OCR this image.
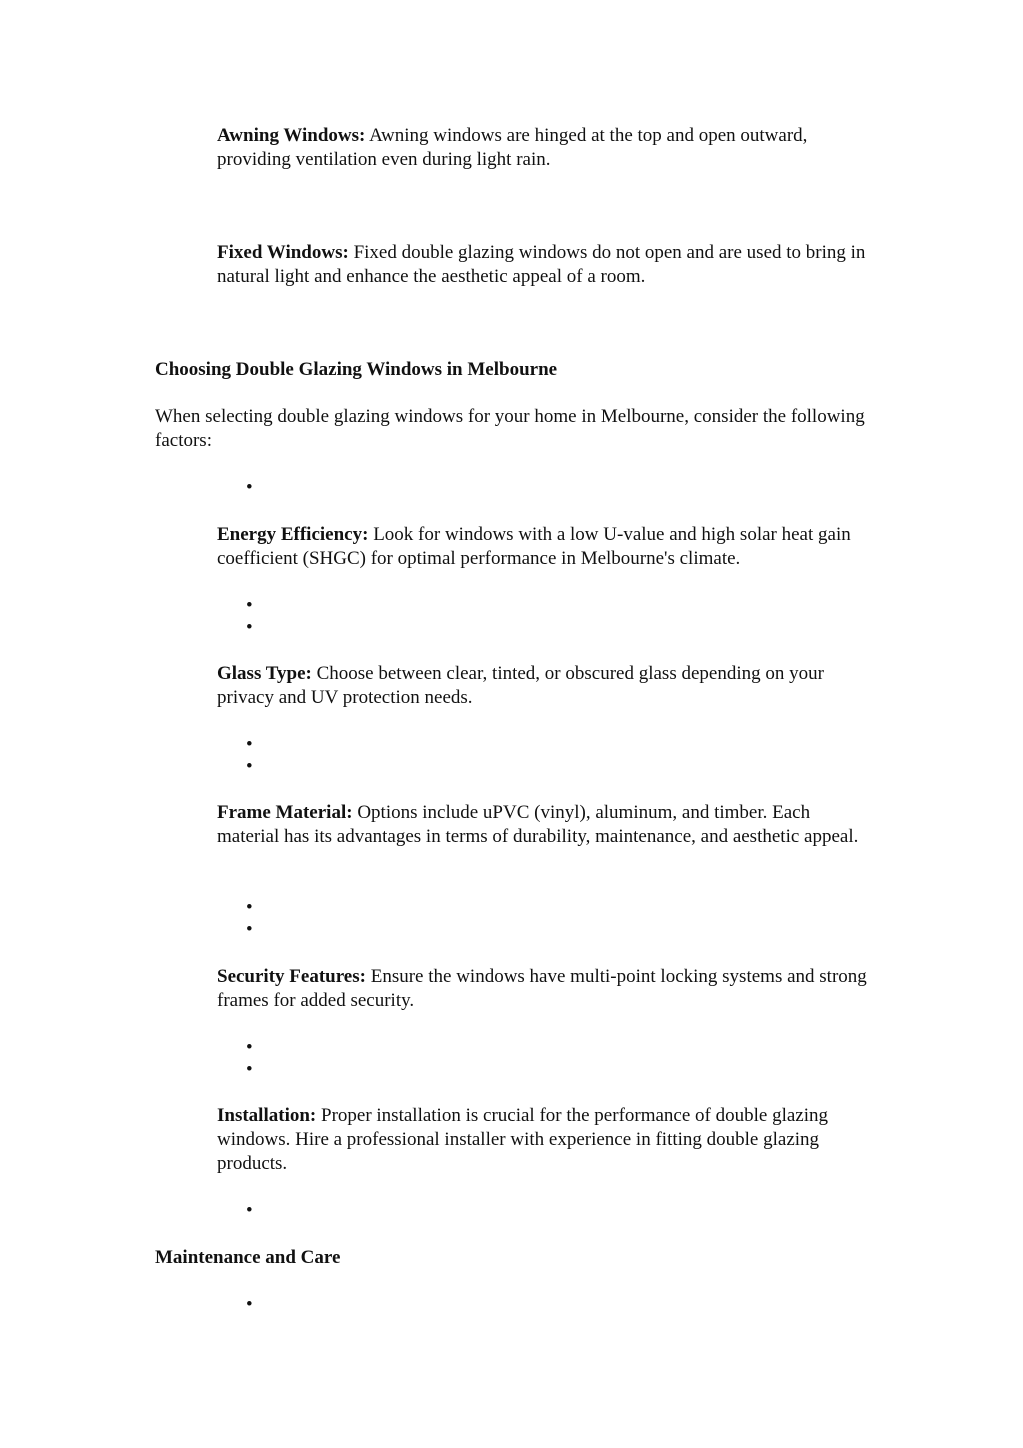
Awning Windows: Awning windows are hinged at the top and open outward, providing ventilation even during light rain.

Fixed Windows: Fixed double glazing windows do not open and are used to bring in natural light and enhance the aesthetic appeal of a room.

Choosing Double Glazing Windows in Melbourne

When selecting double glazing windows for your home in Melbourne, consider the following factors:

•

Energy Efficiency: Look for windows with a low U-value and high solar heat gain coefficient (SHGC) for optimal performance in Melbourne's climate.

•
•

Glass Type: Choose between clear, tinted, or obscured glass depending on your privacy and UV protection needs.

•
•

Frame Material: Options include uPVC (vinyl), aluminum, and timber. Each material has its advantages in terms of durability, maintenance, and aesthetic appeal.

•
•

Security Features: Ensure the windows have multi-point locking systems and strong frames for added security.

•
•

Installation: Proper installation is crucial for the performance of double glazing windows. Hire a professional installer with experience in fitting double glazing products.

•

Maintenance and Care

•
